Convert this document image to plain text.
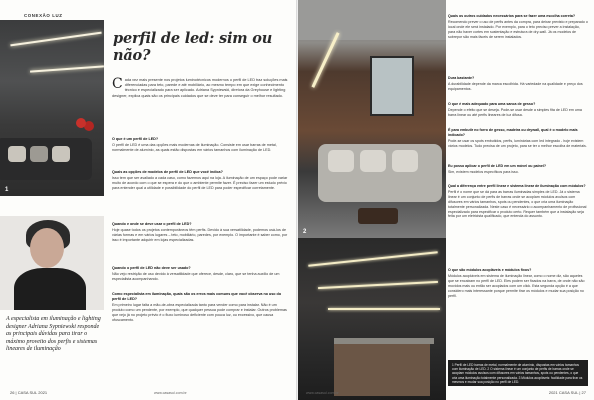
CONEXÃO LUZ
1
A especialista em iluminação e lighting designer Adriana Sypniewski responde as principais dúvidas para tirar o máximo proveito dos perfis e sistemas lineares de iluminação
perfil de led: sim ou não?

Cada vez mais presente nos projetos luminotécnicos modernos o perfil de LED traz soluções mais diferenciadas para teto, parede e até mobiliário, ao mesmo tempo em que exige conhecimento técnico e especializado para ser aplicado. Adriana Sypniewski, diretora da Greyhouse e lighting designer, explica quais são os principais cuidados que se deve ter para conseguir o melhor resultado.

O que é um perfil de LED?
O perfil de LED é uma das opções mais modernas de iluminação. Consiste em usar barras de metal, normalmente de alumínio, as quais estão dispostas em vários tamanhos com iluminação de LED.
Quais as opções de modelos de perfil de LED que você indica?
Isso tem que ser avaliado a cada caso, como fazemos aqui na loja. A iluminação de um espaço pode variar muito de acordo com o que se espera e do que o ambiente permite fazer. É preciso fazer um estudo prévio para entender qual a utilidade e possibilidade do perfil de LED para poder especificar corretamente.
Quando e onde se deve usar o perfil de LED?
Hoje quase todos os projetos contemporâneos têm perfis. Devido à sua versatilidade, podemos usá-los de várias formas e em vários lugares – teto, mobiliário, paredes, por exemplo. O importante é saber como, por isso é importante adquirir em lojas especializadas.
Quando o perfil de LED não deve ser usado?
Não vejo restrição de uso devido à versatilidade que oferece, desde, claro, que se tenha auxílio de um especialista acompanhando.
Como especialista em iluminação, quais são os erros mais comuns que você observa no uso do perfil de LED?
Em primeiro lugar falta a mão-de-obra especializada tanto para vender como para instalar. Não é um produto como um pendente, por exemplo, que qualquer pessoa pode comprar e instalar. Outros problemas que vejo já no projeto prévio é o fluxo luminoso deficiente com pouca luz, ou excessivo, que causa ofuscamento.
26 | CASA SUL 2021	www.casasul.com.br
2
Quais os outros cuidados necessários para se fazer uma escolha correta?
Recomendo prever o uso de perfis antes da compra, para deixar previsto e preparado o local onde ele será instalado. Por exemplo, para o teto preciso prever a instalação, para não haver cortes em sustentação e estrutura de dry-wall. Já os modelos de sobrepor são mais fáceis de serem instalados.
Dura bastante?
A durabilidade depende da marca escolhida. Há variedade na qualidade e preço dos equipamentos.
O que é mais adequado para uma sanca de gesso?
Depende o efeito que se deseja. Pode-se usar desde a simples fita de LED em uma barra linear ou até perfis lineares de luz difusa.
É para embutir no forro de gesso, madeira ou drywall, qual é o modelo mais indicado?
Pode-se usar os spots embutidos, perfis, luminárias com led integrado - hoje existem vários modelos. Tudo precisa de um projeto, para se ter o melhor escolha de materiais.
Eu posso aplicar o perfil de LED em um móvel ou painel?
Sim, existem modelos específicos para isso.
Qual a diferença entre perfil linear e sistema linear de iluminação com módulos?
Perfil é o nome que se dá para as barras iluminadas simples de LED. Já o sistema linear é um conjunto de perfis de barras onde se acoplam módulos avulsos com difusores em vários tamanhos, spots ou pendentes, o que cria uma iluminação totalmente personalizada. Neste caso é necessário o acompanhamento de profissional especializado para especificar o produto certo. Requer também que a instalação seja feita por um eletricista qualificado, que entenda do assunto.
O que são módulos acopláveis e módulos fixos?
Módulos acopláveis em sistema de iluminação linear, como o nome diz, são aqueles que se encaixam no perfil de LED. Eles podem ser fixados na barra, de onde não são movidos mais ou então ser acoplados com um click. Esta segunda opção é a que considero mais interessante porque permite tirar os módulos e mudar sua posição no perfil.
1 Perfil de LED barras de metal, normalmente de alumínio, dispostas em vários tamanhos com iluminação de LED. 2 O sistema linear é um conjunto de perfis de barras onde se acoplam módulos avulsos com difusores em vários tamanhos, spots ou pendentes, o que cria uma iluminação totalmente personalizada. 3 Módulos acopláveis: facilidade para tirar os mesmos e mudar sua posição no perfil de LED.
www.casasul.com.br	2021 CASA SUL | 27
